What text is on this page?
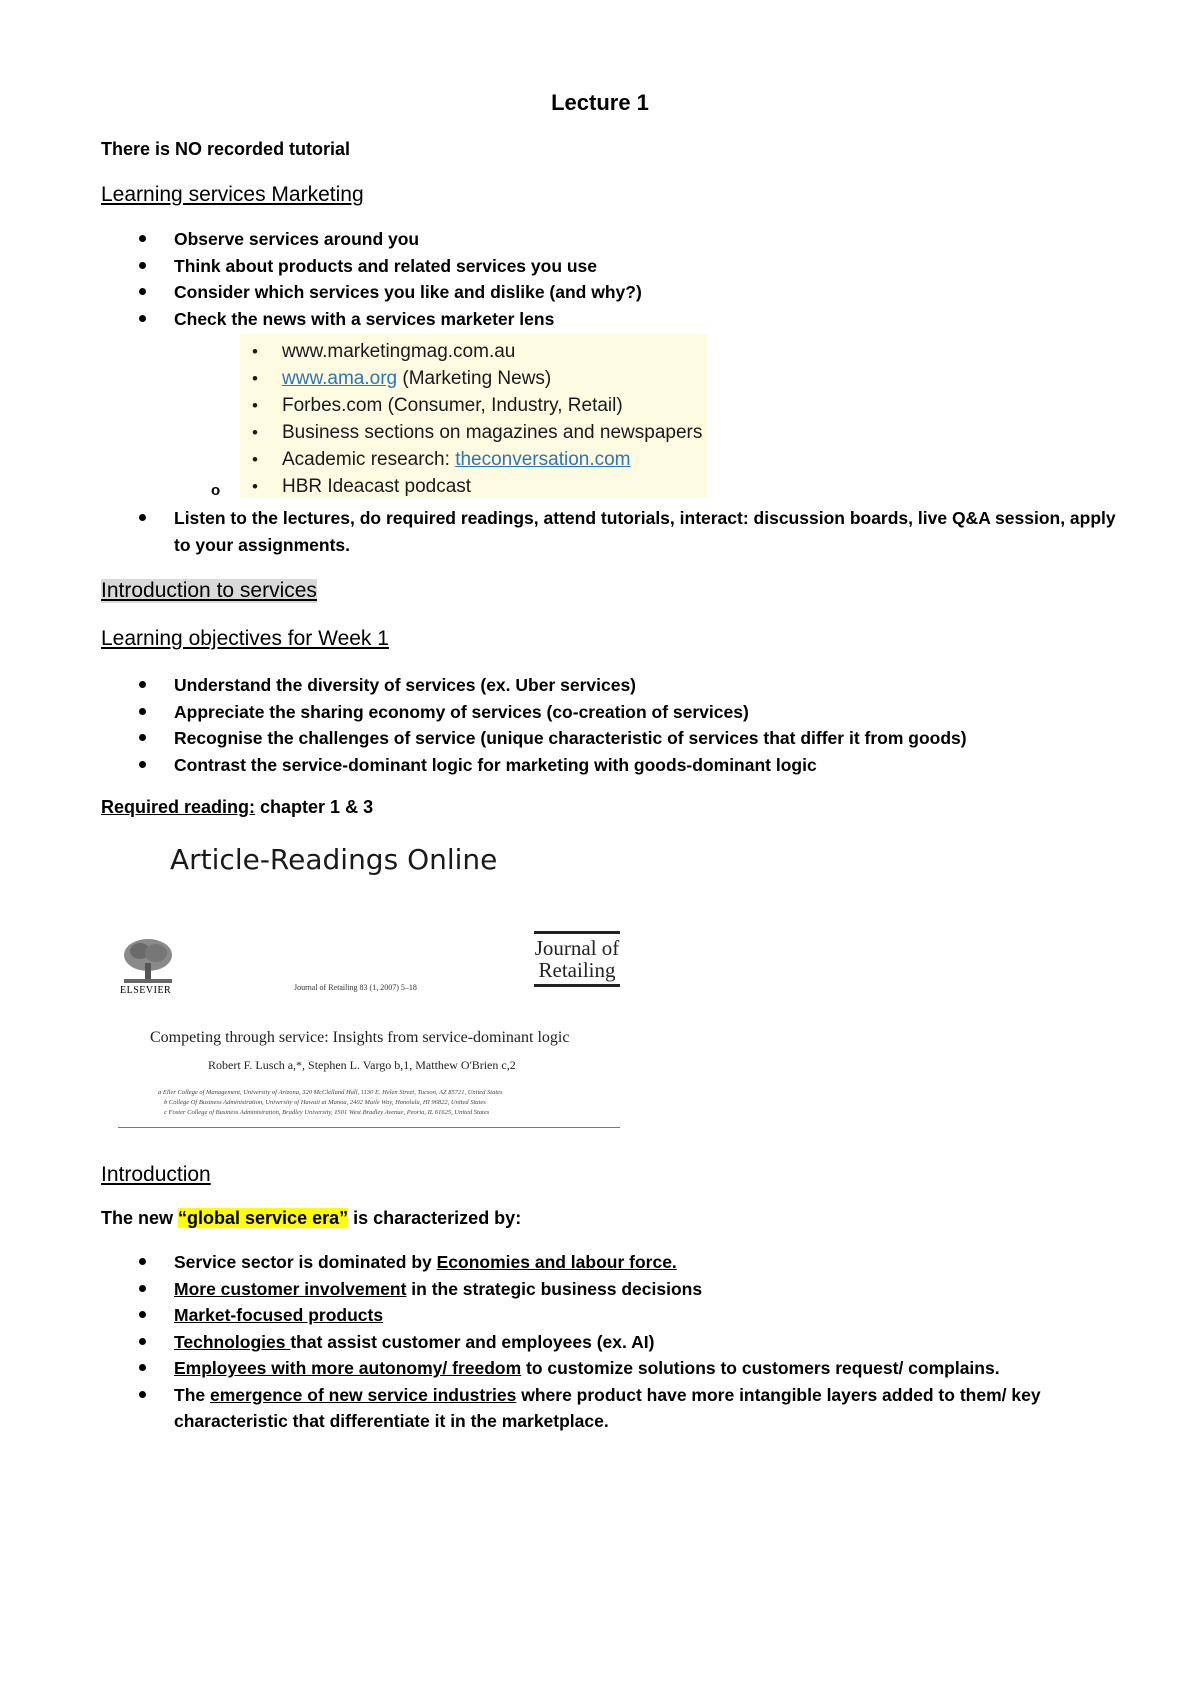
Lecture 1
There is NO recorded tutorial
Learning services Marketing
Observe services around you
Think about products and related services you use
Consider which services you like and dislike (and why?)
Check the news with a services marketer lens
• www.marketingmag.com.au
• www.ama.org (Marketing News)
• Forbes.com (Consumer, Industry, Retail)
• Business sections on magazines and newspapers
• Academic research: theconversation.com
• HBR Ideacast podcast
o
Listen to the lectures, do required readings, attend tutorials, interact: discussion boards, live Q&A session, apply to your assignments.
Introduction to services
Learning objectives for Week 1
Understand the diversity of services (ex. Uber services)
Appreciate the sharing economy of services (co-creation of services)
Recognise the challenges of service (unique characteristic of services that differ it from goods)
Contrast the service-dominant logic for marketing with goods-dominant logic
Required reading: chapter 1 & 3
Article-Readings Online
ELSEVIER	Journal of Retailing 83 (1, 2007) 5–18
Journal of
Retailing
Competing through service: Insights from service-dominant logic
Robert F. Lusch a,*, Stephen L. Vargo b,1, Matthew O'Brien c,2
a Eller College of Management, University of Arizona, 320 McClelland Hall, 1130 E. Helen Street, Tucson, AZ 85721, United States
b College Of Business Administration, University of Hawaii at Manoa, 2402 Maile Way, Honolulu, HI 96822, United States
c Foster College of Business Administration, Bradley University, 1501 West Bradley Avenue, Peoria, IL 61625, United States
Introduction
The new “global service era” is characterized by:
Service sector is dominated by Economies and labour force.
More customer involvement in the strategic business decisions
Market-focused products
Technologies that assist customer and employees (ex. AI)
Employees with more autonomy/ freedom to customize solutions to customers request/ complains.
The emergence of new service industries where product have more intangible layers added to them/ key characteristic that differentiate it in the marketplace.
